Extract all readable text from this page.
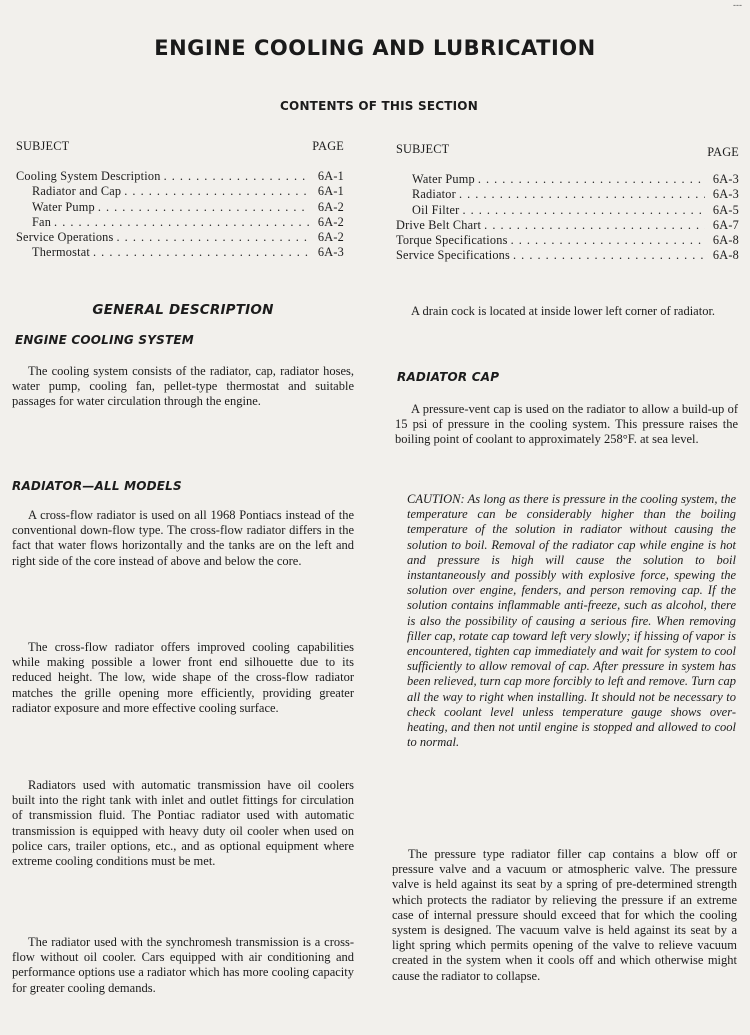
---
ENGINE COOLING AND LUBRICATION
CONTENTS OF THIS SECTION
SUBJECT	PAGE
Cooling System Description . . .	6A-1
Radiator and Cap . . .	6A-1
Water Pump . . .	6A-2
Fan . . .	6A-2
Service Operations . . .	6A-2
Thermostat . . .	6A-3
SUBJECT	PAGE
Water Pump . . .	6A-3
Radiator . . .	6A-3
Oil Filter . . .	6A-5
Drive Belt Chart . . .	6A-7
Torque Specifications . . .	6A-8
Service Specifications . . .	6A-8
GENERAL DESCRIPTION
ENGINE COOLING SYSTEM

The cooling system consists of the radiator, cap, radiator hoses, water pump, cooling fan, pellet-type thermostat and suitable passages for water circulation through the engine.

RADIATOR—ALL MODELS

A cross-flow radiator is used on all 1968 Pontiacs instead of the conventional down-flow type. The cross-flow radiator differs in the fact that water flows horizontally and the tanks are on the left and right side of the core instead of above and below the core.

The cross-flow radiator offers improved cooling capabilities while making possible a lower front end silhouette due to its reduced height. The low, wide shape of the cross-flow radiator matches the grille opening more efficiently, providing greater radiator exposure and more effective cooling surface.

Radiators used with automatic transmission have oil coolers built into the right tank with inlet and outlet fittings for circulation of transmission fluid. The Pontiac radiator used with automatic transmission is equipped with heavy duty oil cooler when used on police cars, trailer options, etc., and as optional equipment where extreme cooling conditions must be met.

The radiator used with the synchromesh transmission is a cross-flow without oil cooler. Cars equipped with air conditioning and performance options use a radiator which has more cooling capacity for greater cooling demands.

A drain cock is located at inside lower left corner of radiator.

RADIATOR CAP

A pressure-vent cap is used on the radiator to allow a build-up of 15 psi of pressure in the cooling system. This pressure raises the boiling point of coolant to approximately 258°F. at sea level.

CAUTION: As long as there is pressure in the cooling system, the temperature can be considerably higher than the boiling temperature of the solution in radiator without causing the solution to boil. Removal of the radiator cap while engine is hot and pressure is high will cause the solution to boil instantaneously and possibly with explosive force, spewing the solution over engine, fenders, and person removing cap. If the solution contains inflammable anti-freeze, such as alcohol, there is also the possibility of causing a serious fire. When removing filler cap, rotate cap toward left very slowly; if hissing of vapor is encountered, tighten cap immediately and wait for system to cool sufficiently to allow removal of cap. After pressure in system has been relieved, turn cap more forcibly to left and remove. Turn cap all the way to right when installing. It should not be necessary to check coolant level unless temperature gauge shows over-heating, and then not until engine is stopped and allowed to cool to normal.

The pressure type radiator filler cap contains a blow off or pressure valve and a vacuum or atmospheric valve. The pressure valve is held against its seat by a spring of pre-determined strength which protects the radiator by relieving the pressure if an extreme case of internal pressure should exceed that for which the cooling system is designed. The vacuum valve is held against its seat by a light spring which permits opening of the valve to relieve vacuum created in the system when it cools off and which otherwise might cause the radiator to collapse.
